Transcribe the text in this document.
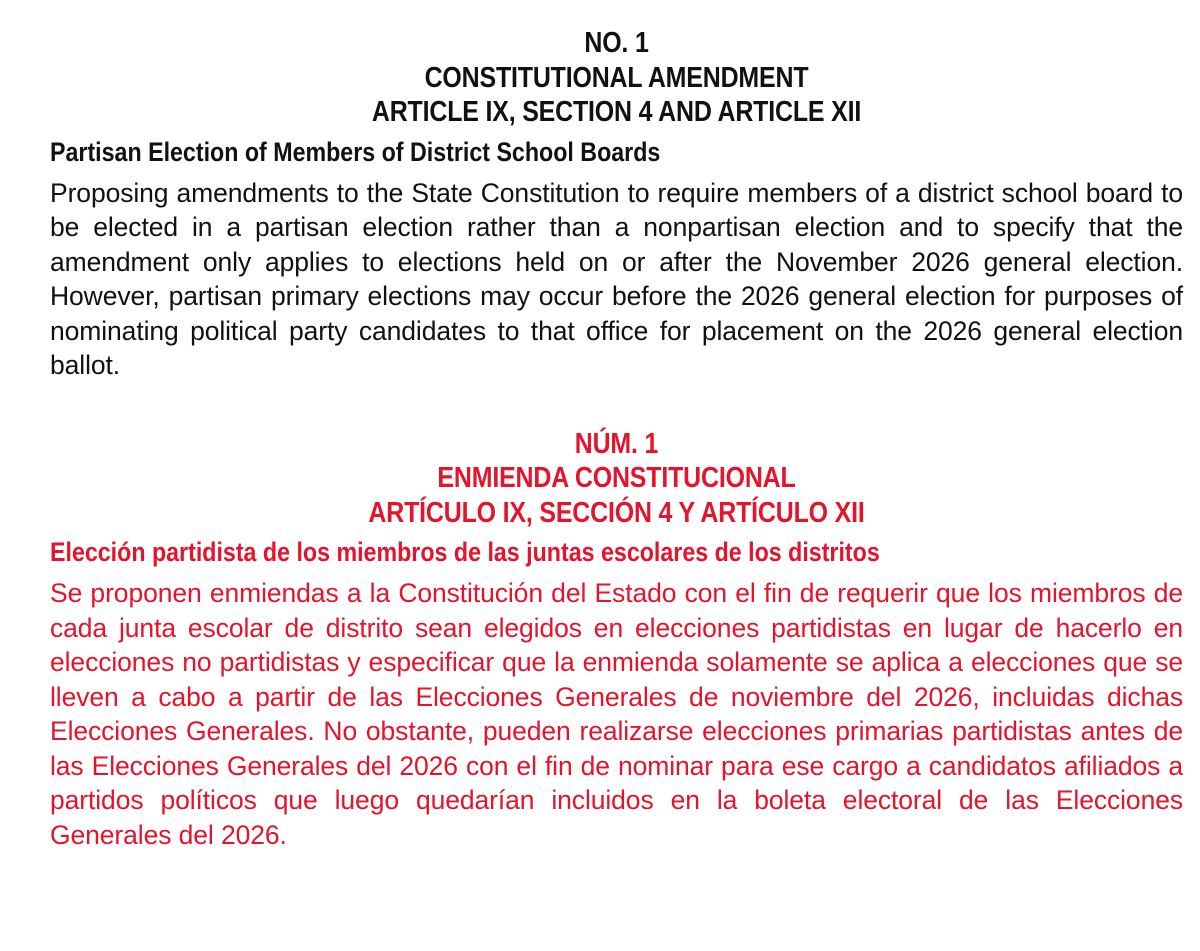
NO. 1
CONSTITUTIONAL AMENDMENT
ARTICLE IX, SECTION 4 AND ARTICLE XII
Partisan Election of Members of District School Boards
Proposing amendments to the State Constitution to require members of a district school board to be elected in a partisan election rather than a nonpartisan election and to specify that the amendment only applies to elections held on or after the November 2026 general election. However, partisan primary elections may occur before the 2026 general election for purposes of nominating political party candidates to that office for placement on the 2026 general election ballot.
NÚM. 1
ENMIENDA CONSTITUCIONAL
ARTÍCULO IX, SECCIÓN 4 Y ARTÍCULO XII
Elección partidista de los miembros de las juntas escolares de los distritos
Se proponen enmiendas a la Constitución del Estado con el fin de requerir que los miembros de cada junta escolar de distrito sean elegidos en elecciones partidistas en lugar de hacerlo en elecciones no partidistas y especificar que la enmienda solamente se aplica a elecciones que se lleven a cabo a partir de las Elecciones Generales de noviembre del 2026, incluidas dichas Elecciones Generales. No obstante, pueden realizarse elecciones primarias partidistas antes de las Elecciones Generales del 2026 con el fin de nominar para ese cargo a candidatos afiliados a partidos políticos que luego quedarían incluidos en la boleta electoral de las Elecciones Generales del 2026.
